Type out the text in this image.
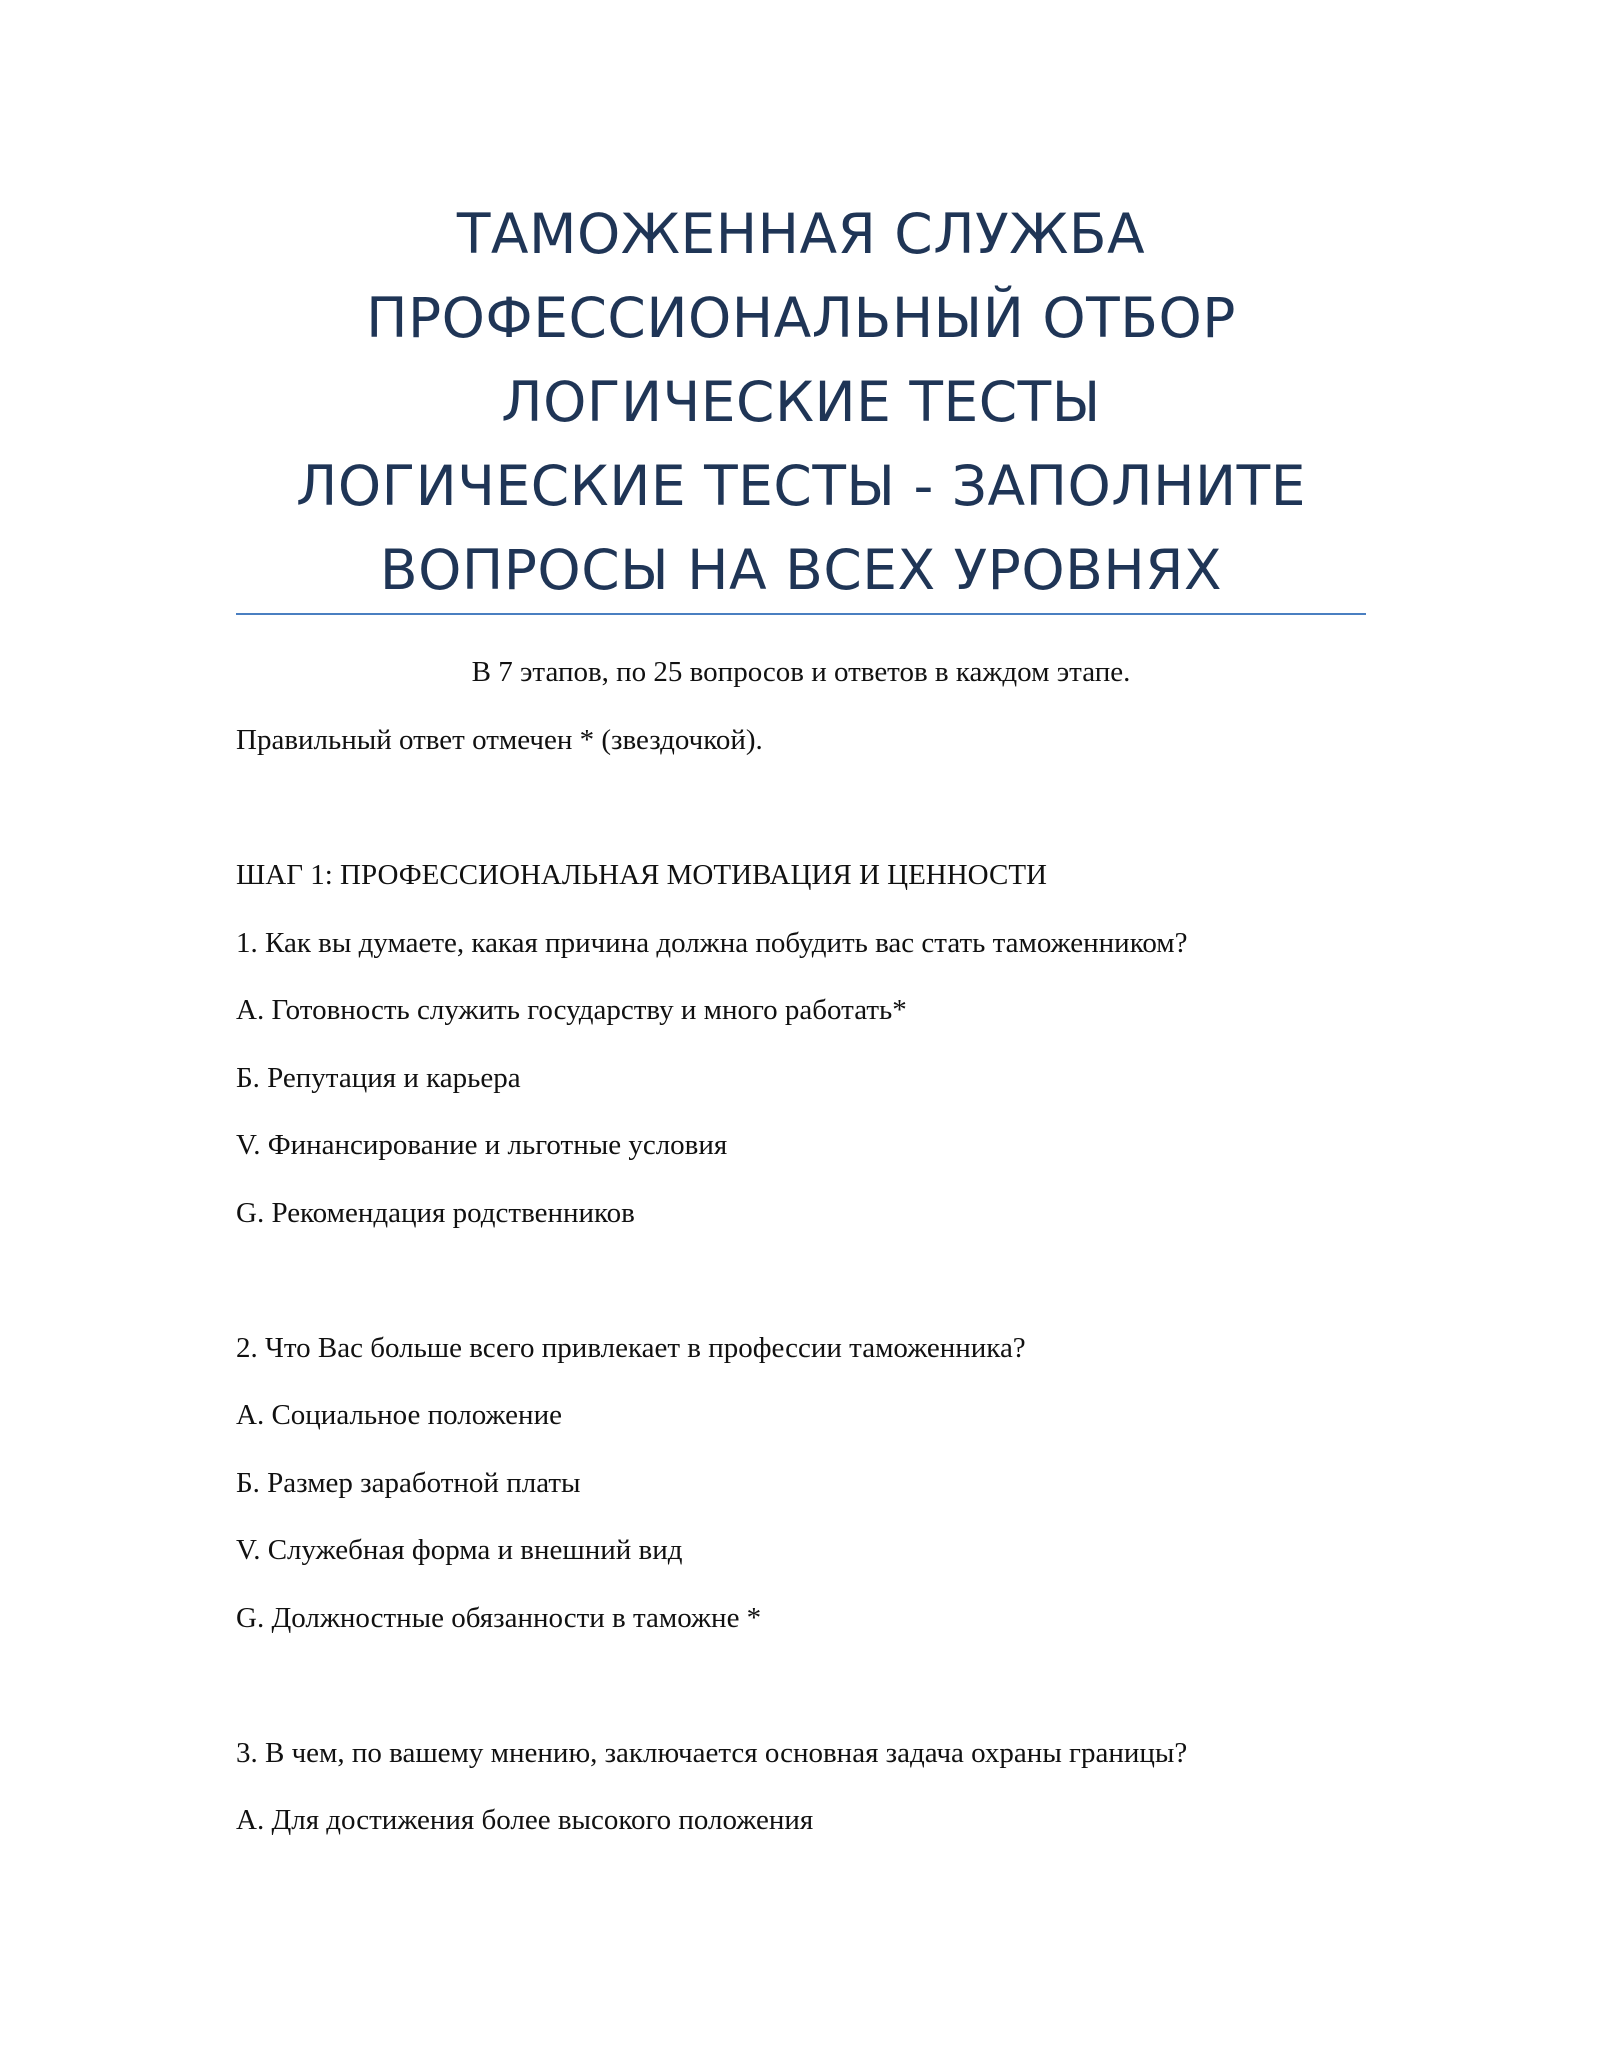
ТАМОЖЕННАЯ СЛУЖБА
ПРОФЕССИОНАЛЬНЫЙ ОТБОР
ЛОГИЧЕСКИЕ ТЕСТЫ
ЛОГИЧЕСКИЕ ТЕСТЫ - ЗАПОЛНИТЕ
ВОПРОСЫ НА ВСЕХ УРОВНЯХ
В 7 этапов, по 25 вопросов и ответов в каждом этапе.
Правильный ответ отмечен * (звездочкой).
ШАГ 1: ПРОФЕССИОНАЛЬНАЯ МОТИВАЦИЯ И ЦЕННОСТИ
1. Как вы думаете, какая причина должна побудить вас стать таможенником?
A. Готовность служить государству и много работать*
Б. Репутация и карьера
V. Финансирование и льготные условия
G. Рекомендация родственников
2. Что Вас больше всего привлекает в профессии таможенника?
A. Социальное положение
Б. Размер заработной платы
V. Служебная форма и внешний вид
G. Должностные обязанности в таможне *
3. В чем, по вашему мнению, заключается основная задача охраны границы?
A. Для достижения более высокого положения
